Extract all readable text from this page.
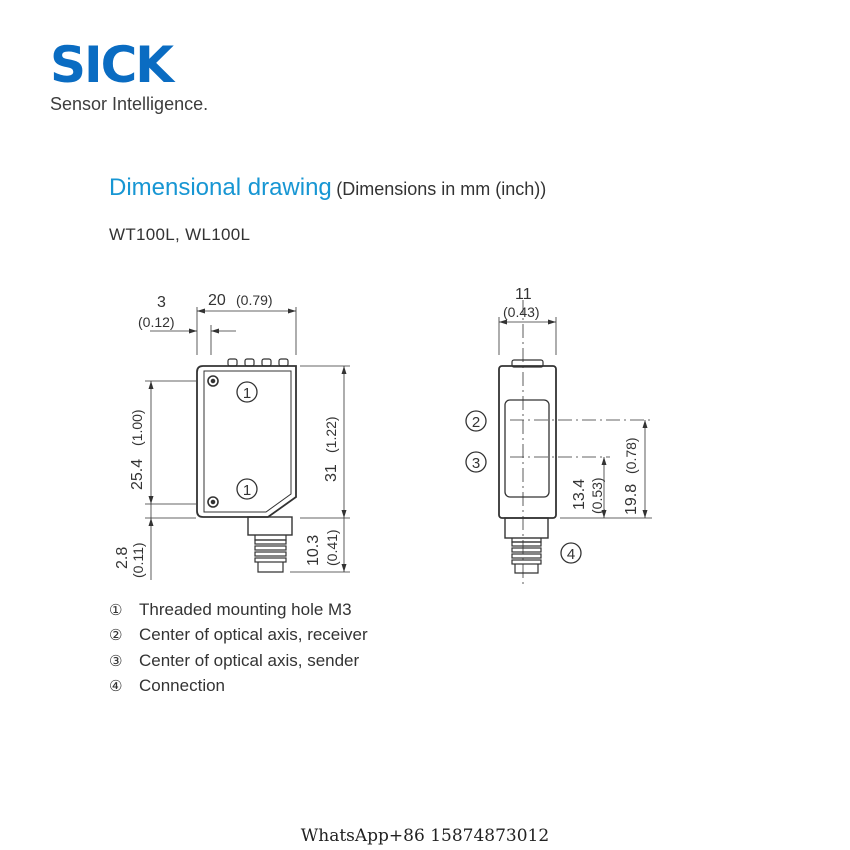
SICK
Sensor Intelligence.
Dimensional drawing (Dimensions in mm (inch))
WT100L, WL100L
3
(0.12)
20 (0.79)
25.4
(1.00)
2.8 (0.11)
31
(1.22)
10.3 (0.41)
1
1
11
(0.43)
13.4 (0.53) 19.8
(0.78)
2
3
4
① Threaded mounting hole M3
② Center of optical axis, receiver
③ Center of optical axis, sender
④ Connection
WhatsApp+86 15874873012
